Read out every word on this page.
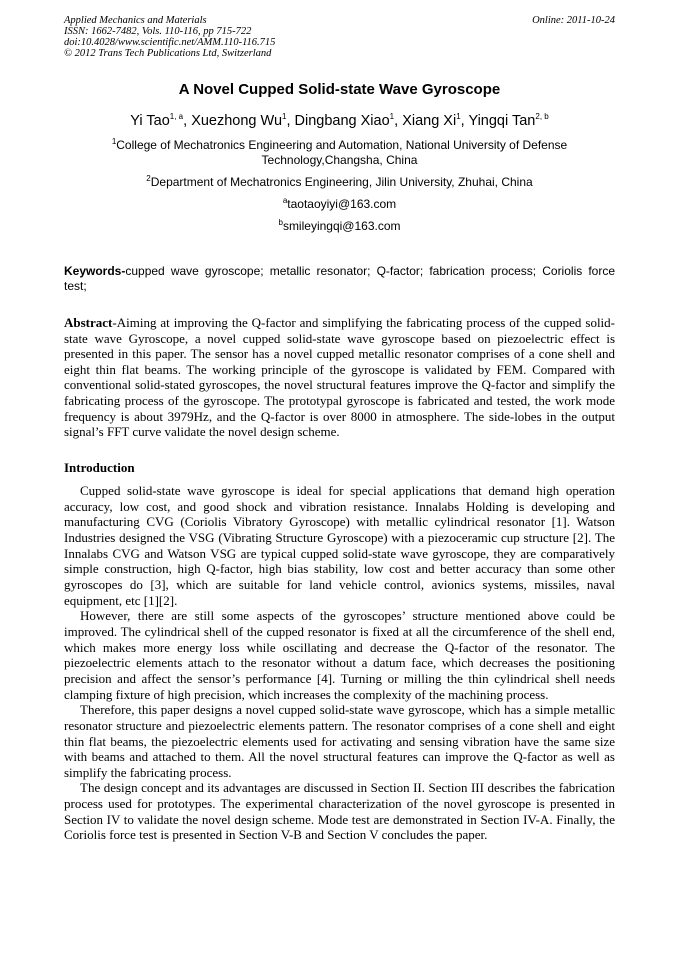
Applied Mechanics and Materials
ISSN: 1662-7482, Vols. 110-116, pp 715-722
doi:10.4028/www.scientific.net/AMM.110-116.715
© 2012 Trans Tech Publications Ltd, Switzerland
Online: 2011-10-24
A Novel Cupped Solid-state Wave Gyroscope
Yi Tao$^{1, a}$, Xuezhong Wu$^1$, Dingbang Xiao$^1$, Xiang Xi$^1$, Yingqi Tan$^{2, b}$
$^1$College of Mechatronics Engineering and Automation, National University of Defense Technology,Changsha, China
$^2$Department of Mechatronics Engineering, Jilin University, Zhuhai, China
$^a$taotaoyiyi@163.com
$^b$smileyingqi@163.com
Keywords-cupped wave gyroscope; metallic resonator; Q-factor; fabrication process; Coriolis force test;
Abstract-Aiming at improving the Q-factor and simplifying the fabricating process of the cupped solid-state wave Gyroscope, a novel cupped solid-state wave gyroscope based on piezoelectric effect is presented in this paper. The sensor has a novel cupped metallic resonator comprises of a cone shell and eight thin flat beams. The working principle of the gyroscope is validated by FEM. Compared with conventional solid-stated gyroscopes, the novel structural features improve the Q-factor and simplify the fabricating process of the gyroscope. The prototypal gyroscope is fabricated and tested, the work mode frequency is about 3979Hz, and the Q-factor is over 8000 in atmosphere. The side-lobes in the output signal’s FFT curve validate the novel design scheme.
Introduction

Cupped solid-state wave gyroscope is ideal for special applications that demand high operation accuracy, low cost, and good shock and vibration resistance. Innalabs Holding is developing and manufacturing CVG (Coriolis Vibratory Gyroscope) with metallic cylindrical resonator [1]. Watson Industries designed the VSG (Vibrating Structure Gyroscope) with a piezoceramic cup structure [2]. The Innalabs CVG and Watson VSG are typical cupped solid-state wave gyroscope, they are comparatively simple construction, high Q-factor, high bias stability, low cost and better accuracy than some other gyroscopes do [3], which are suitable for land vehicle control, avionics systems, missiles, naval equipment, etc [1][2].

However, there are still some aspects of the gyroscopes’ structure mentioned above could be improved. The cylindrical shell of the cupped resonator is fixed at all the circumference of the shell end, which makes more energy loss while oscillating and decrease the Q-factor of the resonator. The piezoelectric elements attach to the resonator without a datum face, which decreases the positioning precision and affect the sensor’s performance [4]. Turning or milling the thin cylindrical shell needs clamping fixture of high precision, which increases the complexity of the machining process.

Therefore, this paper designs a novel cupped solid-state wave gyroscope, which has a simple metallic resonator structure and piezoelectric elements pattern. The resonator comprises of a cone shell and eight thin flat beams, the piezoelectric elements used for activating and sensing vibration have the same size with beams and attached to them. All the novel structural features can improve the Q-factor as well as simplify the fabricating process.

The design concept and its advantages are discussed in Section II. Section III describes the fabrication process used for prototypes. The experimental characterization of the novel gyroscope is presented in Section IV to validate the novel design scheme. Mode test are demonstrated in Section IV-A. Finally, the Coriolis force test is presented in Section V-B and Section V concludes the paper.
